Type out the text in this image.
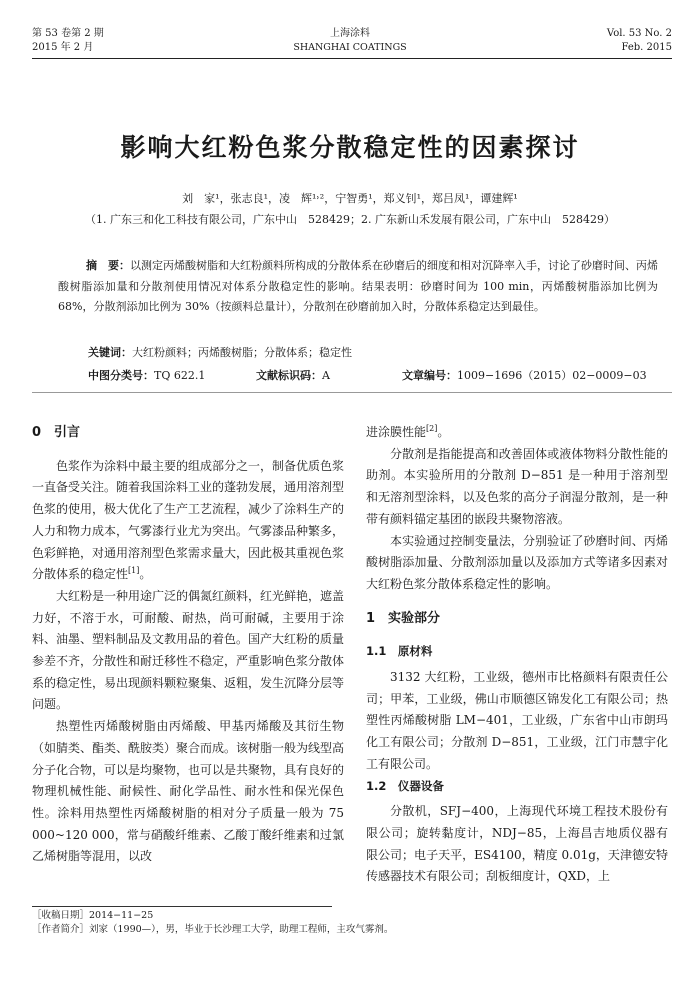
第 53 卷第 2 期
2015 年 2 月
上海涂料
SHANGHAI COATINGS
Vol. 53 No. 2
Feb. 2015
影响大红粉色浆分散稳定性的因素探讨
刘　家¹，张志良¹，凌　辉¹˒²，宁智勇¹，郑义钊¹，郑吕凤¹，谭建辉¹
（1. 广东三和化工科技有限公司，广东中山　528429；2. 广东新山禾发展有限公司，广东中山　528429）
摘　要：以测定丙烯酸树脂和大红粉颜料所构成的分散体系在砂磨后的细度和相对沉降率入手，讨论了砂磨时间、丙烯酸树脂添加量和分散剂使用情况对体系分散稳定性的影响。结果表明：砂磨时间为 100 min，丙烯酸树脂添加比例为 68%，分散剂添加比例为 30%（按颜料总量计），分散剂在砂磨前加入时，分散体系稳定达到最佳。
关键词：大红粉颜料；丙烯酸树脂；分散体系；稳定性
中图分类号：TQ 622.1	文献标识码：A	文章编号：1009−1696（2015）02−0009−03
0　引言

色浆作为涂料中最主要的组成部分之一，制备优质色浆一直备受关注。随着我国涂料工业的蓬勃发展，通用溶剂型色浆的使用，极大优化了生产工艺流程，减少了涂料生产的人力和物力成本，气雾漆行业尤为突出。气雾漆品种繁多，色彩鲜艳，对通用溶剂型色浆需求量大，因此极其重视色浆分散体系的稳定性[1]。

大红粉是一种用途广泛的偶氮红颜料，红光鲜艳，遮盖力好，不溶于水，可耐酸、耐热，尚可耐碱，主要用于涂料、油墨、塑料制品及文教用品的着色。国产大红粉的质量参差不齐，分散性和耐迁移性不稳定，严重影响色浆分散体系的稳定性，易出现颜料颗粒聚集、返粗，发生沉降分层等问题。

热塑性丙烯酸树脂由丙烯酸、甲基丙烯酸及其衍生物（如腈类、酯类、酰胺类）聚合而成。该树脂一般为线型高分子化合物，可以是均聚物，也可以是共聚物，具有良好的物理机械性能、耐候性、耐化学品性、耐水性和保光保色性。涂料用热塑性丙烯酸树脂的相对分子质量一般为 75 000~120 000，常与硝酸纤维素、乙酸丁酸纤维素和过氯乙烯树脂等混用，以改

进涂膜性能[2]。

分散剂是指能提高和改善固体或液体物料分散性能的助剂。本实验所用的分散剂 D−851 是一种用于溶剂型和无溶剂型涂料，以及色浆的高分子润湿分散剂，是一种带有颜料锚定基团的嵌段共聚物溶液。

本实验通过控制变量法，分别验证了砂磨时间、丙烯酸树脂添加量、分散剂添加量以及添加方式等诸多因素对大红粉色浆分散体系稳定性的影响。

1　实验部分
1.1　原材料

3132 大红粉，工业级，德州市比格颜料有限责任公司；甲苯，工业级，佛山市顺德区锦发化工有限公司；热塑性丙烯酸树脂 LM−401，工业级，广东省中山市朗玛化工有限公司；分散剂 D−851，工业级，江门市慧宇化工有限公司。

1.2　仪器设备

分散机，SFJ−400，上海现代环境工程技术股份有限公司；旋转黏度计，NDJ−85，上海昌吉地质仪器有限公司；电子天平，ES4100，精度 0.01g，天津德安特传感器技术有限公司；刮板细度计，QXD，上

［收稿日期］2014−11−25
［作者简介］刘家（1990—），男，毕业于长沙理工大学，助理工程师，主攻气雾剂。
